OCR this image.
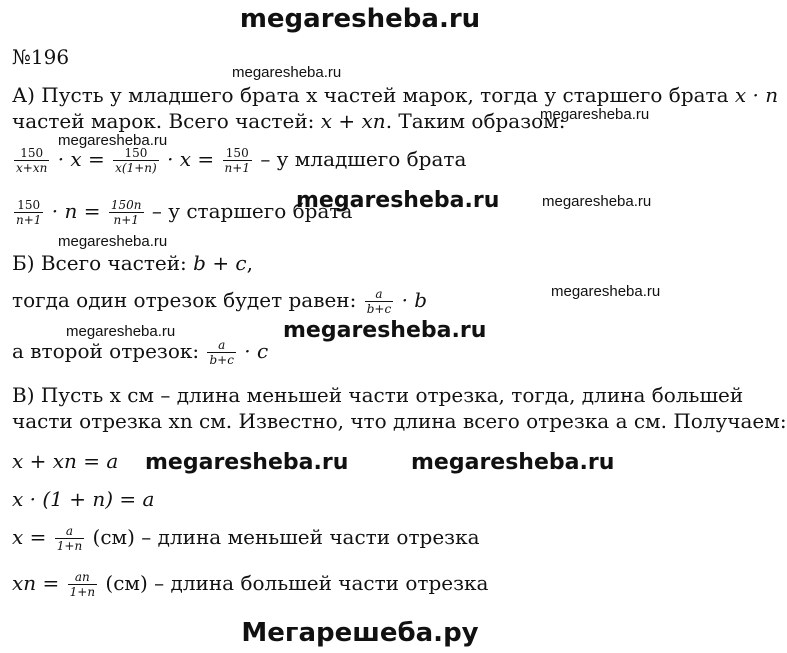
megaresheba.ru
№196
megaresheba.ru
megaresheba.ru
megaresheba.ru
megaresheba.ru	megaresheba.ru
megaresheba.ru
megaresheba.ru
megaresheba.ru	megaresheba.ru
megaresheba.ru	megaresheba.ru
А) Пусть у младшего брата x частей марок, тогда у старшего брата x · n
частей марок. Всего частей: x + xn. Таким образом:
$\frac{150}{x+xn} \cdot x = \frac{150}{x(1+n)} \cdot x = \frac{150}{n+1} - у$ младшего брата
$\frac{150}{n+1} \cdot n = \frac{150n}{n+1} - у$ старшего брата
Б) Всего частей: b + c,
тогда один отрезок будет равен: $\frac{a}{b+c} \cdot b$
а второй отрезок: $\frac{a}{b+c} \cdot c$
В) Пусть x см – длина меньшей части отрезка, тогда, длина большей
части отрезка xn см. Известно, что длина всего отрезка а см. Получаем:
x + xn = a
x · (1 + n) = a
$x = \frac{a}{1+n} (см)$ – длина меньшей части отрезка
xn = $\frac{an}{1+n} (см)$ – длина большей части отрезка
Мегарешеба.ру
